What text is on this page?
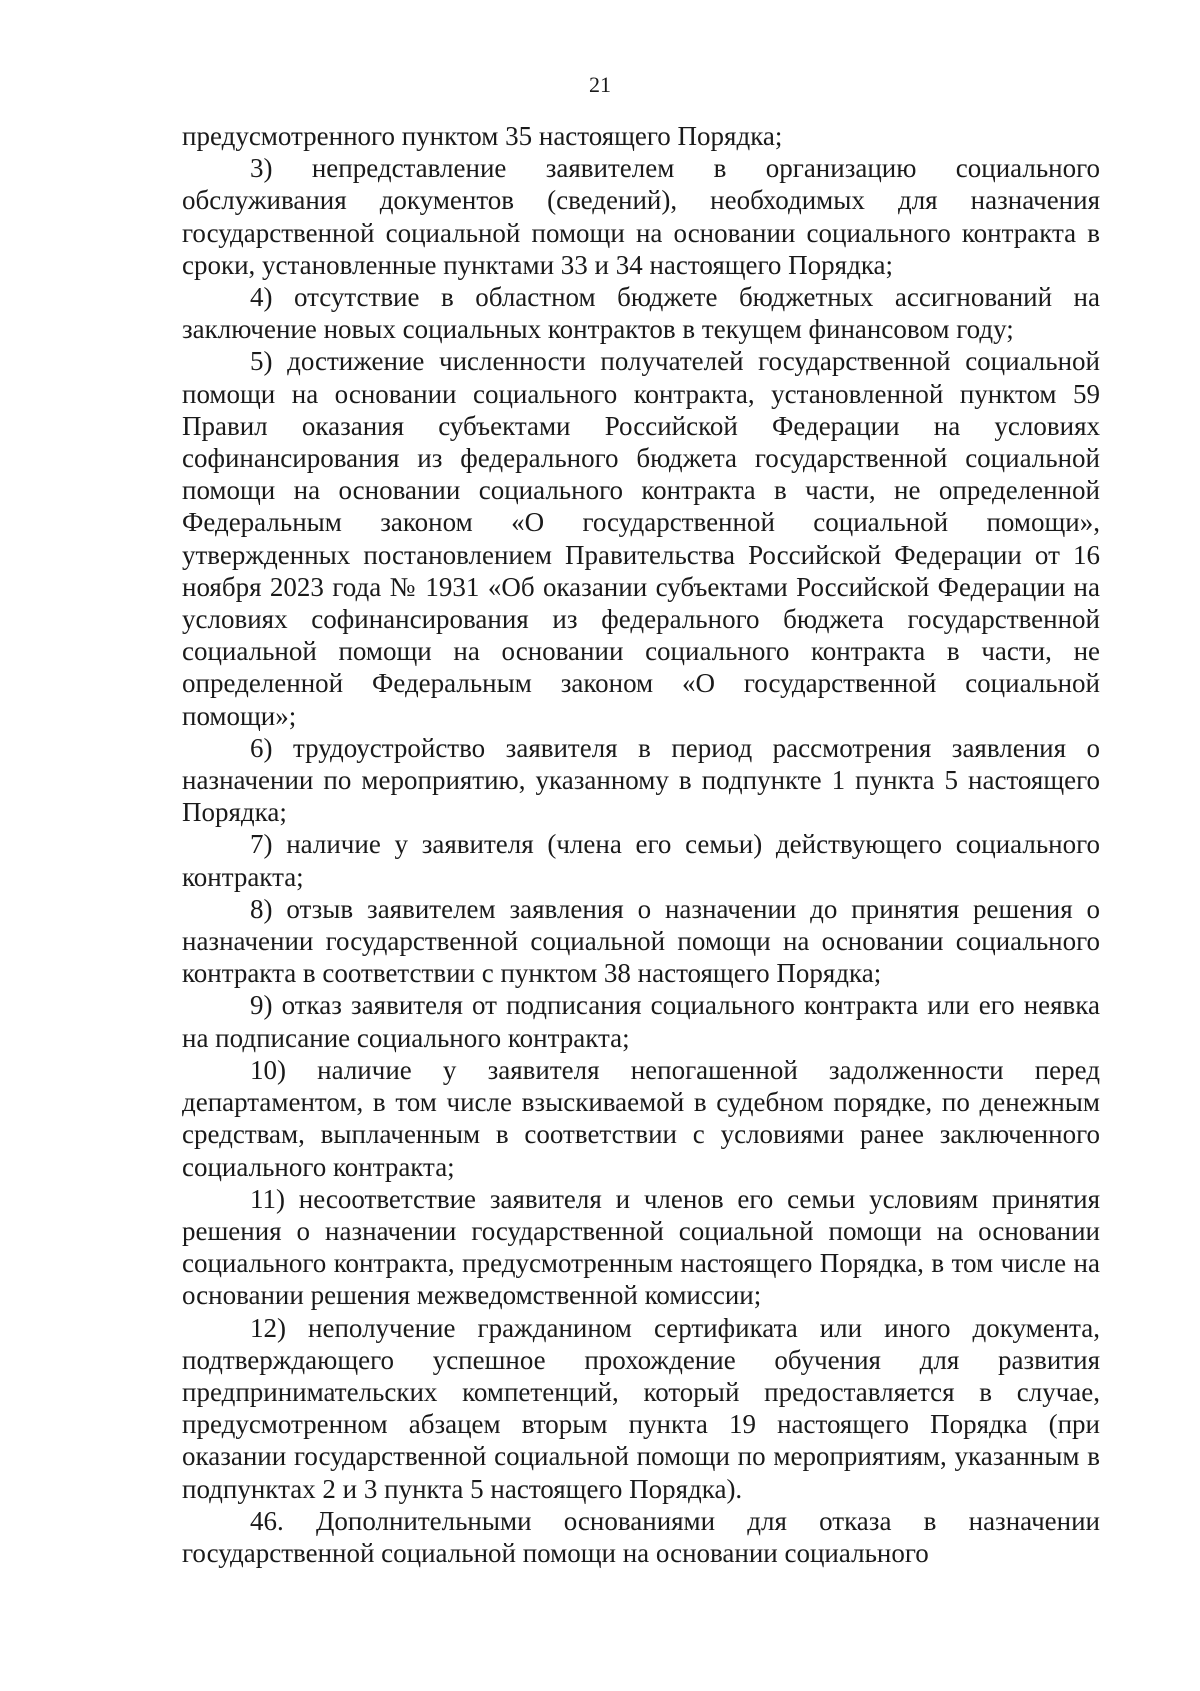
21

предусмотренного пунктом 35 настоящего Порядка;

3) непредставление заявителем в организацию социального обслуживания документов (сведений), необходимых для назначения государственной социальной помощи на основании социального контракта в сроки, установленные пунктами 33 и 34 настоящего Порядка;

4) отсутствие в областном бюджете бюджетных ассигнований на заключение новых социальных контрактов в текущем финансовом году;

5) достижение численности получателей государственной социальной помощи на основании социального контракта, установленной пунктом 59 Правил оказания субъектами Российской Федерации на условиях софинансирования из федерального бюджета государственной социальной помощи на основании социального контракта в части, не определенной Федеральным законом «О государственной социальной помощи», утвержденных постановлением Правительства Российской Федерации от 16 ноября 2023 года № 1931 «Об оказании субъектами Российской Федерации на условиях софинансирования из федерального бюджета государственной социальной помощи на основании социального контракта в части, не определенной Федеральным законом «О государственной социальной помощи»;

6) трудоустройство заявителя в период рассмотрения заявления о назначении по мероприятию, указанному в подпункте 1 пункта 5 настоящего Порядка;

7) наличие у заявителя (члена его семьи) действующего социального контракта;

8) отзыв заявителем заявления о назначении до принятия решения о назначении государственной социальной помощи на основании социального контракта в соответствии с пунктом 38 настоящего Порядка;

9) отказ заявителя от подписания социального контракта или его неявка на подписание социального контракта;

10) наличие у заявителя непогашенной задолженности перед департаментом, в том числе взыскиваемой в судебном порядке, по денежным средствам, выплаченным в соответствии с условиями ранее заключенного социального контракта;

11) несоответствие заявителя и членов его семьи условиям принятия решения о назначении государственной социальной помощи на основании социального контракта, предусмотренным настоящего Порядка, в том числе на основании решения межведомственной комиссии;

12) неполучение гражданином сертификата или иного документа, подтверждающего успешное прохождение обучения для развития предпринимательских компетенций, который предоставляется в случае, предусмотренном абзацем вторым пункта 19 настоящего Порядка (при оказании государственной социальной помощи по мероприятиям, указанным в подпунктах 2 и 3 пункта 5 настоящего Порядка).

46. Дополнительными основаниями для отказа в назначении государственной социальной помощи на основании социального
